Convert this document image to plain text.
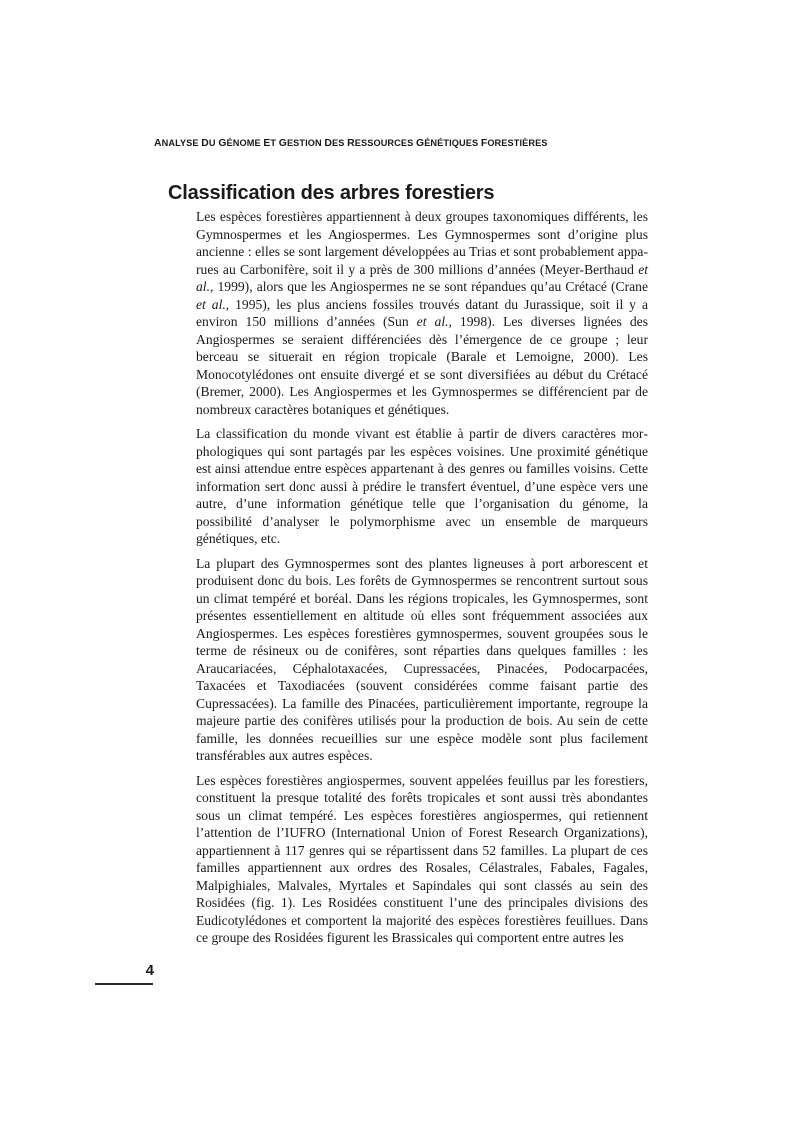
ANALYSE DU GÉNOME ET GESTION DES RESSOURCES GÉNÉTIQUES FORESTIÈRES
Classification des arbres forestiers

Les espèces forestières appartiennent à deux groupes taxonomiques différents, les Gymnospermes et les Angiospermes. Les Gymnospermes sont d’origine plus ancienne : elles se sont largement développées au Trias et sont probablement apparues au Carbonifère, soit il y a près de 300 millions d’années (Meyer-Berthaud et al., 1999), alors que les Angiospermes ne se sont répandues qu’au Crétacé (Crane et al., 1995), les plus anciens fossiles trouvés datant du Jurassique, soit il y a environ 150 millions d’années (Sun et al., 1998). Les diverses lignées des Angiospermes se seraient différenciées dès l’émergence de ce groupe ; leur berceau se situerait en région tropicale (Barale et Lemoigne, 2000). Les Monocotylédones ont ensuite divergé et se sont diversifiées au début du Crétacé (Bremer, 2000). Les Angiospermes et les Gymnospermes se différencient par de nombreux caractères botaniques et génétiques.

La classification du monde vivant est établie à partir de divers caractères morphologiques qui sont partagés par les espèces voisines. Une proximité génétique est ainsi attendue entre espèces appartenant à des genres ou familles voisins. Cette information sert donc aussi à prédire le transfert éventuel, d’une espèce vers une autre, d’une information génétique telle que l’organisation du génome, la possibilité d’analyser le polymorphisme avec un ensemble de marqueurs génétiques, etc.

La plupart des Gymnospermes sont des plantes ligneuses à port arborescent et produisent donc du bois. Les forêts de Gymnospermes se rencontrent surtout sous un climat tempéré et boréal. Dans les régions tropicales, les Gymnospermes, sont présentes essentiellement en altitude où elles sont fréquemment associées aux Angiospermes. Les espèces forestières gymnospermes, souvent groupées sous le terme de résineux ou de conifères, sont réparties dans quelques familles : les Araucariacées, Céphalotaxacées, Cupressacées, Pinacées, Podocarpacées, Taxacées et Taxodiacées (souvent considérées comme faisant partie des Cupressacées). La famille des Pinacées, particulièrement importante, regroupe la majeure partie des conifères utilisés pour la production de bois. Au sein de cette famille, les données recueillies sur une espèce modèle sont plus facilement transférables aux autres espèces.

Les espèces forestières angiospermes, souvent appelées feuillus par les forestiers, constituent la presque totalité des forêts tropicales et sont aussi très abondantes sous un climat tempéré. Les espèces forestières angiospermes, qui retiennent l’attention de l’IUFRO (International Union of Forest Research Organizations), appartiennent à 117 genres qui se répartissent dans 52 familles. La plupart de ces familles appartiennent aux ordres des Rosales, Célastrales, Fabales, Fagales, Malpighiales, Malvales, Myrtales et Sapindales qui sont classés au sein des Rosidées (fig. 1). Les Rosidées constituent l’une des principales divisions des Eudicotylédones et comportent la majorité des espèces forestières feuillues. Dans ce groupe des Rosidées figurent les Brassicales qui comportent entre autres les

4
